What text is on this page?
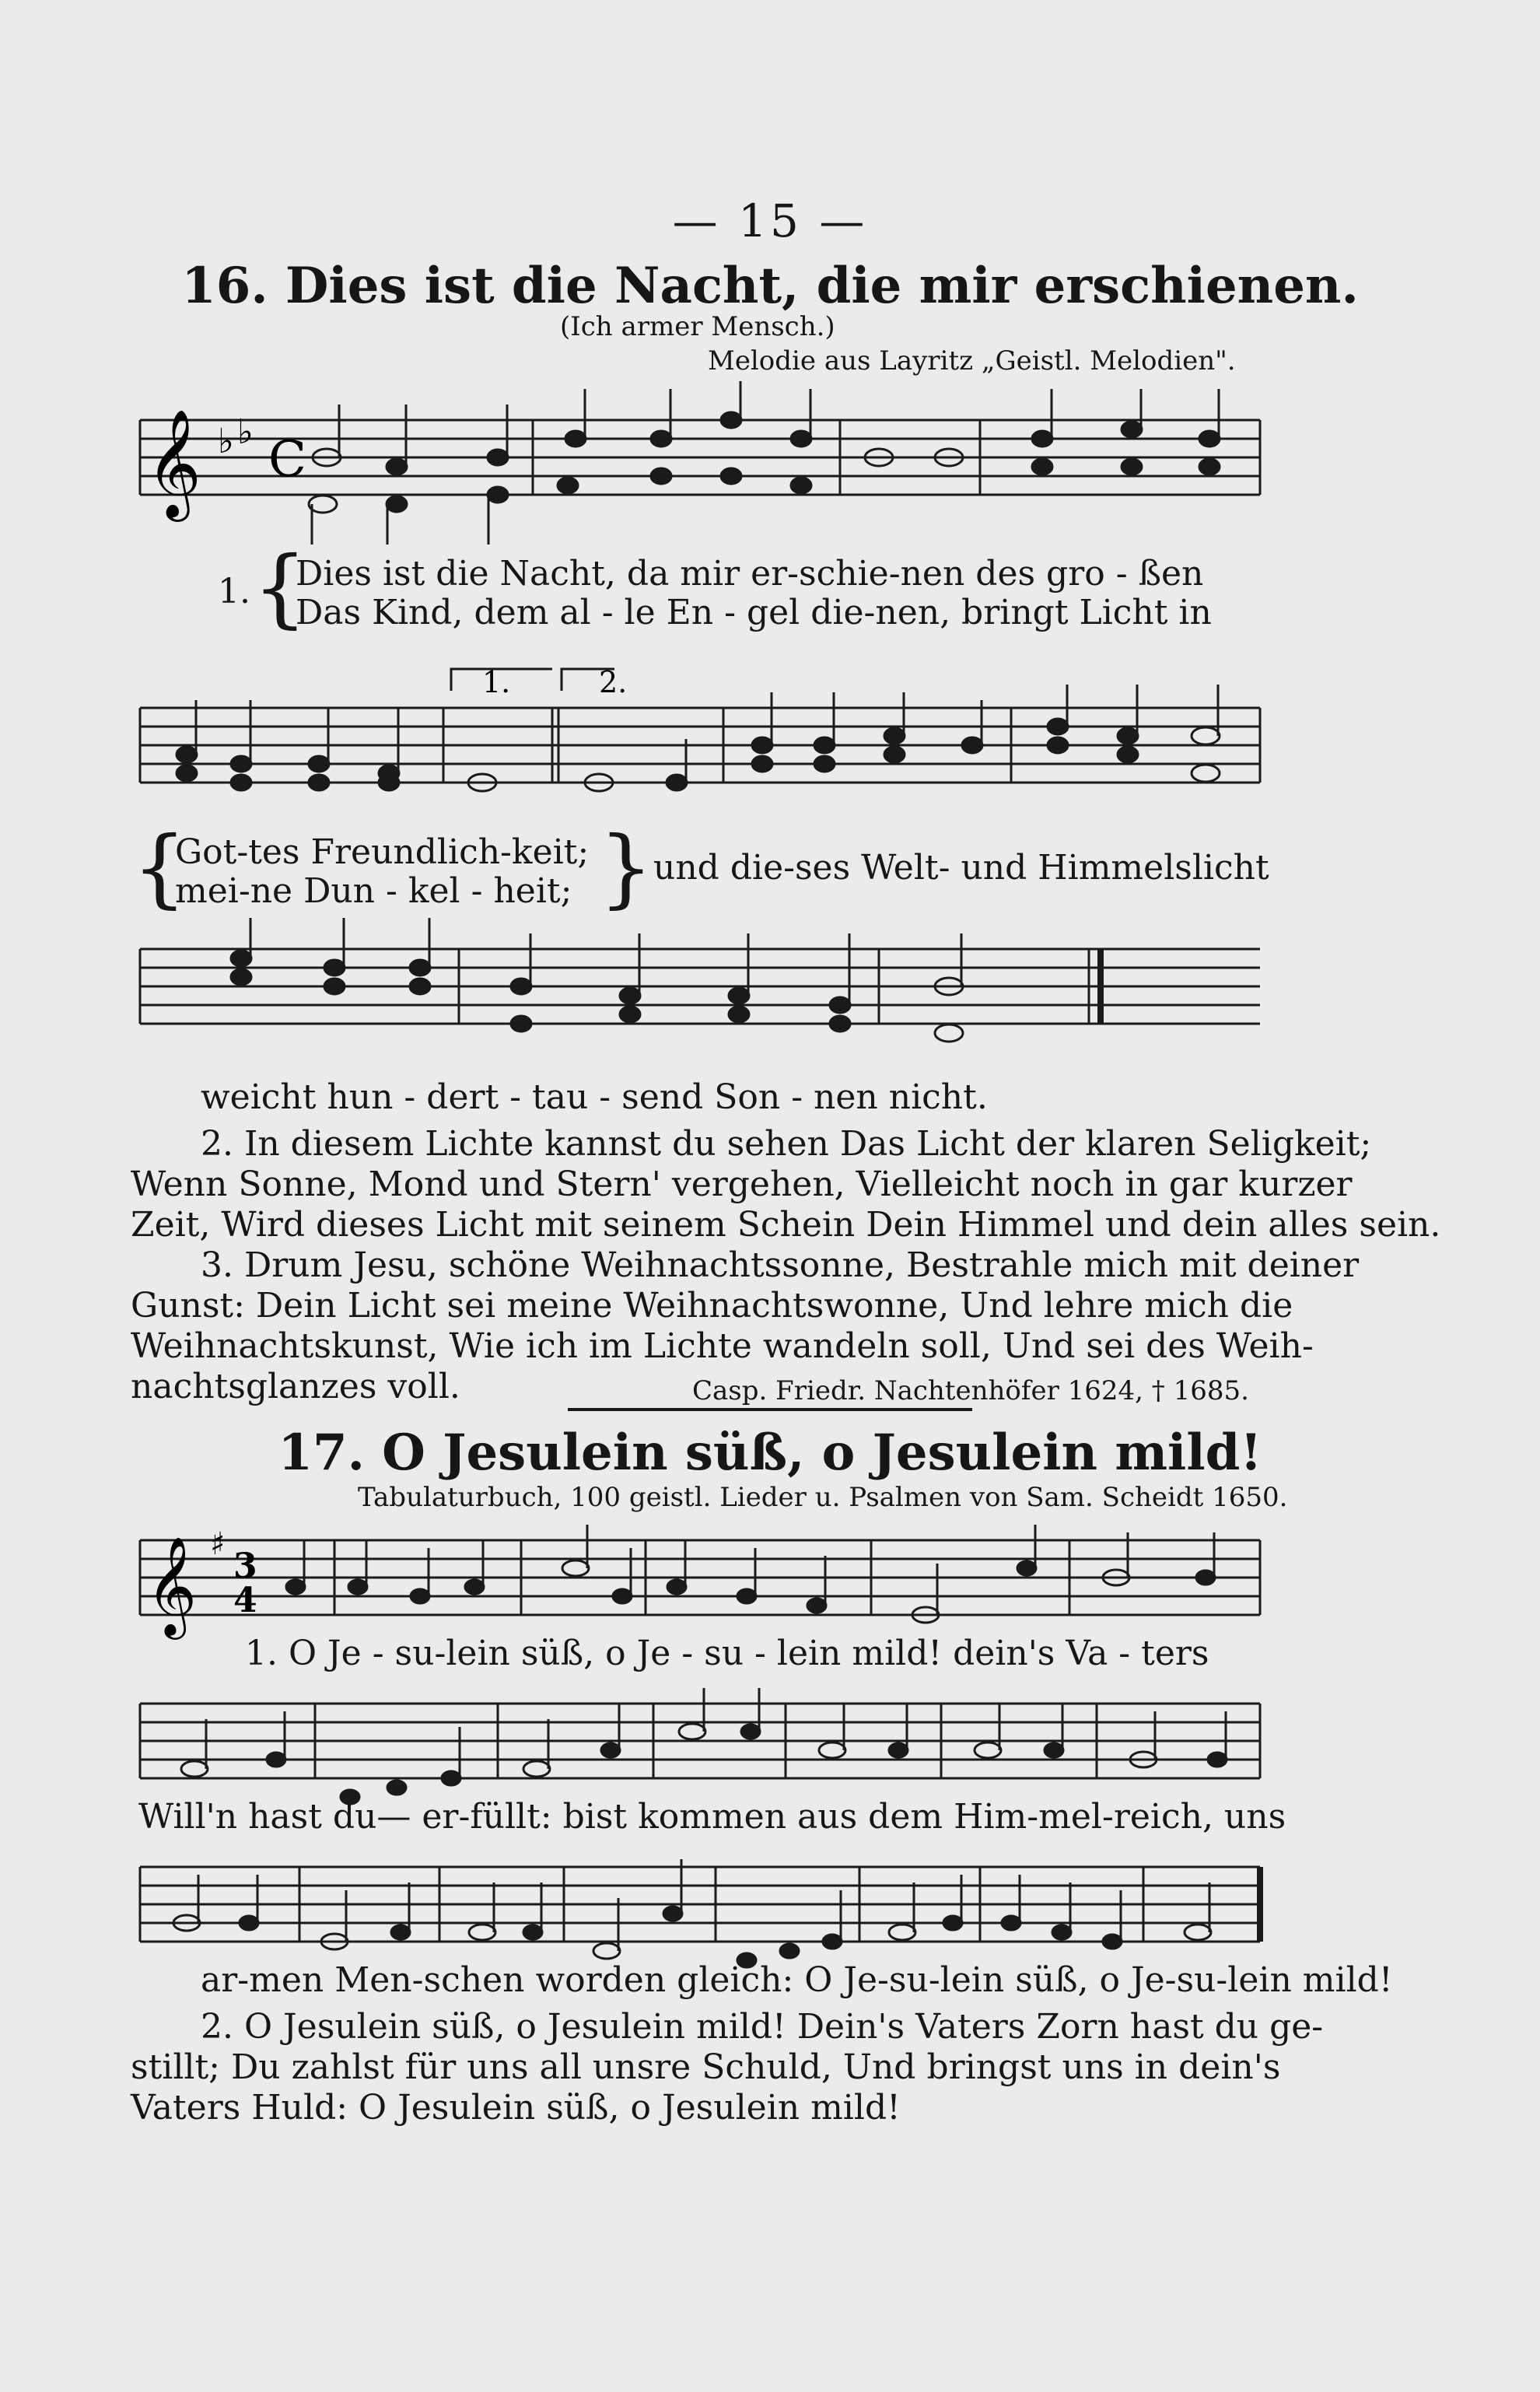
— 15 —
16. Dies ist die Nacht, die mir erschienen.
(Ich armer Mensch.)
Melodie aus Layritz „Geistl. Melodien".
𝄞 ♭ ♭ C
1. {
Dies ist die Nacht, da mir er-schie-nen des gro - ßen
Das Kind, dem al - le En - gel die-nen, bringt Licht in
1.	2.
{
Got-tes Freundlich-keit;
mei-ne Dun - kel - heit; } und die-ses Welt- und Himmelslicht
weicht hun - dert - tau - send Son - nen nicht.
2. In diesem Lichte kannst du sehen Das Licht der klaren Seligkeit;
Wenn Sonne, Mond und Stern' vergehen, Vielleicht noch in gar kurzer
Zeit, Wird dieses Licht mit seinem Schein Dein Himmel und dein alles sein.
3. Drum Jesu, schöne Weihnachtssonne, Bestrahle mich mit deiner
Gunst: Dein Licht sei meine Weihnachtswonne, Und lehre mich die
Weihnachtskunst, Wie ich im Lichte wandeln soll, Und sei des Weih-
nachtsglanzes voll.	Casp. Friedr. Nachtenhöfer 1624, † 1685.
17. O Jesulein süß, o Jesulein mild!
Tabulaturbuch, 100 geistl. Lieder u. Psalmen von Sam. Scheidt 1650.
𝄞 ♯
3
4
1. O Je - su-lein süß, o Je - su - lein mild! dein's Va - ters
Will'n hast du— er-füllt: bist kommen aus dem Him-mel-reich, uns
ar-men Men-schen worden gleich: O Je-su-lein süß, o Je-su-lein mild!
2. O Jesulein süß, o Jesulein mild! Dein's Vaters Zorn hast du ge-
stillt; Du zahlst für uns all unsre Schuld, Und bringst uns in dein's
Vaters Huld: O Jesulein süß, o Jesulein mild!
